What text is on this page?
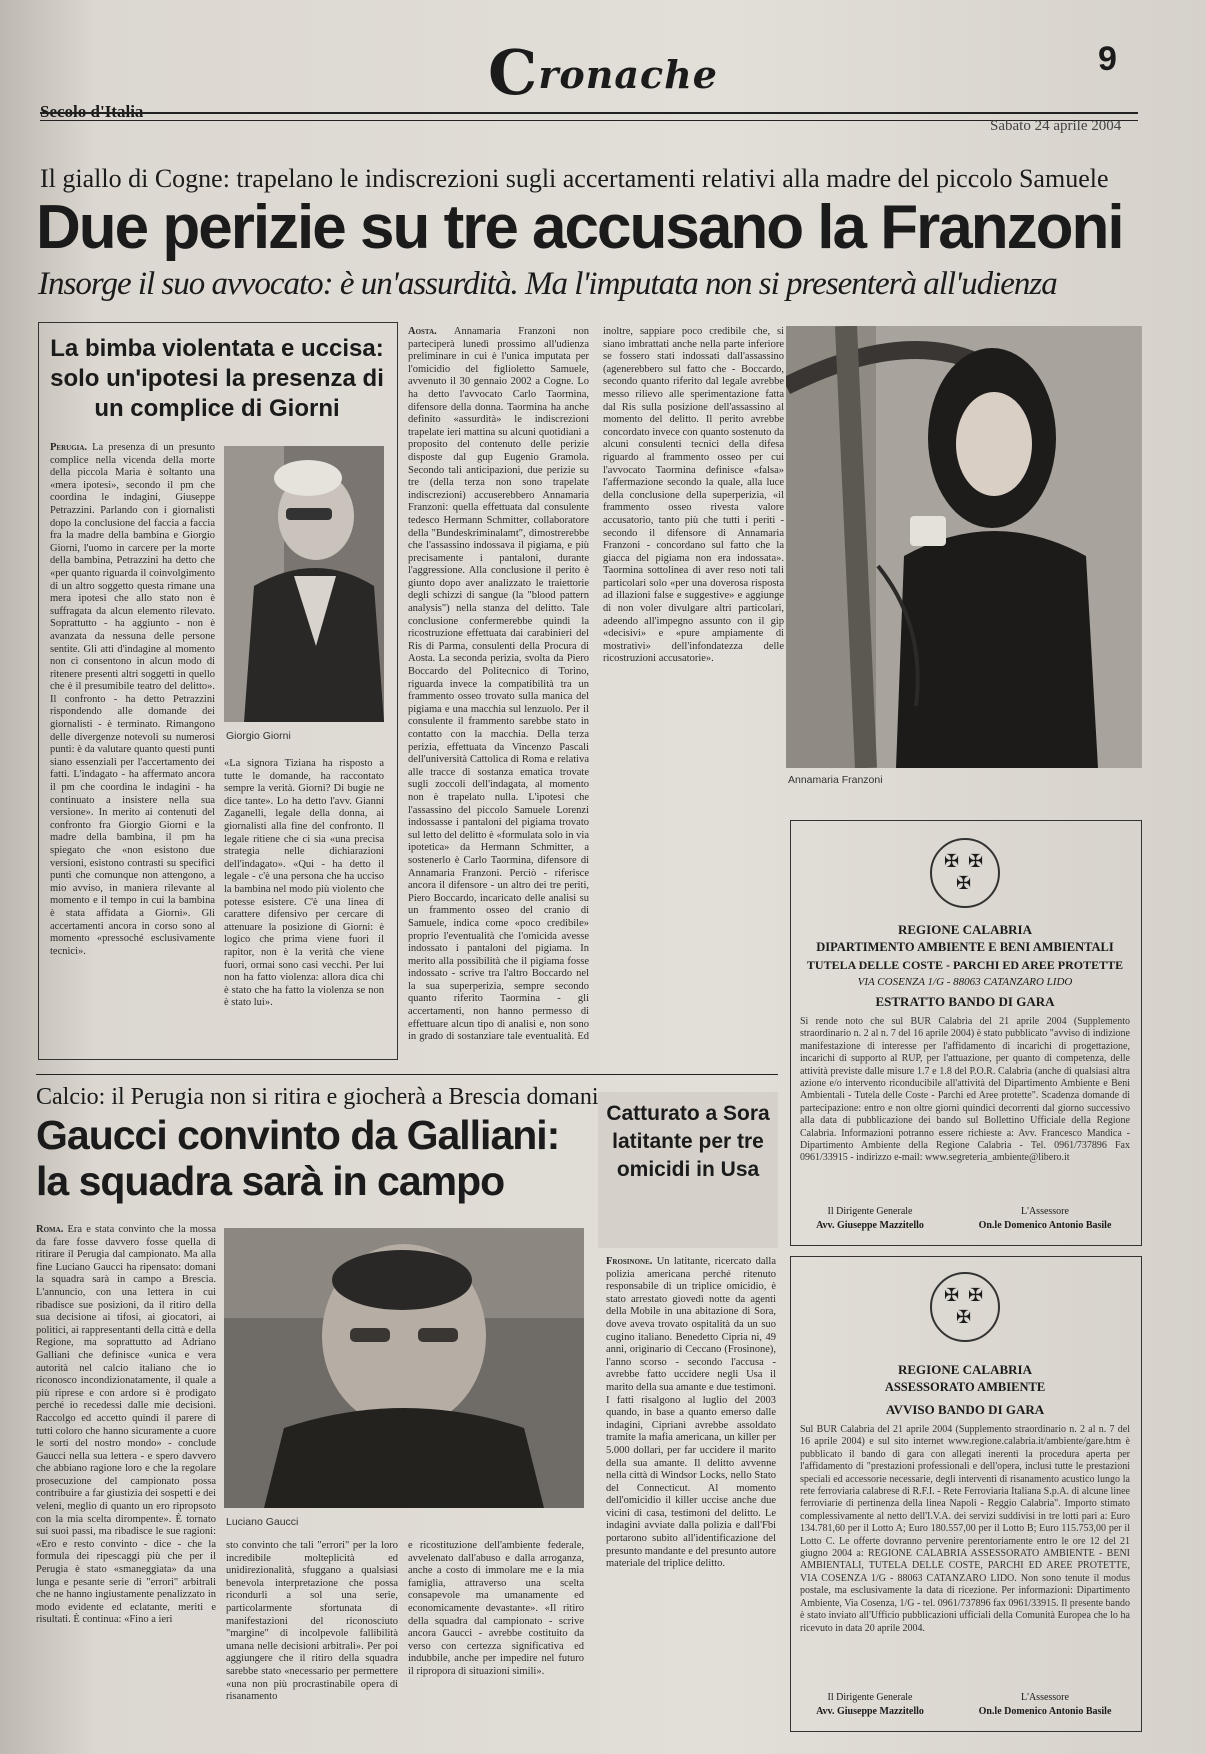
Cronache	9
Sabato 24 aprile 2004
Il giallo di Cogne: trapelano le indiscrezioni sugli accertamenti relativi alla madre del piccolo Samuele
Due perizie su tre accusano la Franzoni
Insorge il suo avvocato: è un'assurdità. Ma l'imputata non si presenterà all'udienza
La bimba violentata e uccisa: solo un'ipotesi la presenza di un complice di Giorni
Perugia. La presenza di un presunto complice nella vicenda della morte della piccola Maria è soltanto una «mera ipotesi», secondo il pm che coordina le indagini, Giuseppe Petrazzini. Parlando con i giornalisti dopo la conclusione del faccia a faccia fra la madre della bambina e Giorgio Giorni, l'uomo in carcere per la morte della bambina, Petrazzini ha detto che «per quanto riguarda il coinvolgimento di un altro soggetto questa rimane una mera ipotesi che allo stato non è suffragata da alcun elemento rilevato. Soprattutto - ha aggiunto - non è avanzata da nessuna delle persone sentite. Gli atti d'indagine al momento non ci consentono in alcun modo di ritenere presenti altri soggetti in quello che è il presumibile teatro del delitto». Il confronto - ha detto Petrazzini rispondendo alle domande dei giornalisti - è terminato. Rimangono delle divergenze notevoli su numerosi punti: è da valutare quanto questi punti siano essenziali per l'accertamento dei fatti. L'indagato - ha affermato ancora il pm che coordina le indagini - ha continuato a insistere nella sua versione». In merito ai contenuti del confronto fra Giorgio Giorni e la madre della bambina, il pm ha spiegato che «non esistono due versioni, esistono contrasti su specifici punti che comunque non attengono, a mio avviso, in maniera rilevante al momento e il tempo in cui la bambina è stata affidata a Giorni». Gli accertamenti ancora in corso sono al momento «pressoché esclusivamente tecnici».
Giorgio Giorni
«La signora Tiziana ha risposto a tutte le domande, ha raccontato sempre la verità. Giorni? Di bugie ne dice tante». Lo ha detto l'avv. Gianni Zaganelli, legale della donna, ai giornalisti alla fine del confronto. Il legale ritiene che ci sia «una precisa strategia nelle dichiarazioni dell'indagato». «Qui - ha detto il legale - c'è una persona che ha ucciso la bambina nel modo più violento che potesse esistere. C'è una linea di carattere difensivo per cercare di attenuare la posizione di Giorni: è logico che prima viene fuori il rapitor, non è la verità che viene fuori, ormai sono casi vecchi. Per lui non ha fatto violenza: allora dica chi è stato che ha fatto la violenza se non è stato lui».
Aosta. Annamaria Franzoni non parteciperà lunedì prossimo all'udienza preliminare in cui è l'unica imputata per l'omicidio del figlioletto Samuele, avvenuto il 30 gennaio 2002 a Cogne. Lo ha detto l'avvocato Carlo Taormina, difensore della donna. Taormina ha anche definito «assurdità» le indiscrezioni trapelate ieri mattina su alcuni quotidiani a proposito del contenuto delle perizie disposte dal gup Eugenio Gramola. Secondo tali anticipazioni, due perizie su tre (della terza non sono trapelate indiscrezioni) accuserebbero Annamaria Franzoni: quella effettuata dal consulente tedesco Hermann Schmitter, collaboratore della "Bundeskriminalamt", dimostrerebbe che l'assassino indossava il pigiama, e più precisamente i pantaloni, durante l'aggressione. Alla conclusione il perito è giunto dopo aver analizzato le traiettorie degli schizzi di sangue (la "blood pattern analysis") nella stanza del delitto. Tale conclusione confermerebbe quindi la ricostruzione effettuata dai carabinieri del Ris di Parma, consulenti della Procura di Aosta. La seconda perizia, svolta da Piero Boccardo del Politecnico di Torino, riguarda invece la compatibilità tra un frammento osseo trovato sulla manica del pigiama e una macchia sul lenzuolo. Per il consulente il frammento sarebbe stato in contatto con la macchia. Della terza perizia, effettuata da Vincenzo Pascali dell'università Cattolica di Roma e relativa alle tracce di sostanza ematica trovate sugli zoccoli dell'indagata, al momento non è trapelato nulla. L'ipotesi che l'assassino del piccolo Samuele Lorenzi indossasse i pantaloni del pigiama trovato sul letto del delitto è «formulata solo in via ipotetica» da Hermann Schmitter, a sostenerlo è Carlo Taormina, difensore di Annamaria Franzoni. Perciò - riferisce ancora il difensore - un altro dei tre periti, Piero Boccardo, incaricato delle analisi su un frammento osseo del cranio di Samuele, indica come «poco credibile» proprio l'eventualità che l'omicida avesse indossato i pantaloni del pigiama. In merito alla possibilità che il pigiama fosse indossato - scrive tra l'altro Boccardo nel la sua superperizia, sempre secondo quanto riferito Taormina - gli accertamenti, non hanno permesso di effettuare alcun tipo di analisi e, non sono in grado di sostanziare tale eventualità. Ed inoltre, sappiare poco credibile che, si siano imbrattati anche nella parte inferiore se fossero stati indossati dall'assassino (agenerebbero sul fatto che - Boccardo, secondo quanto riferito dal legale avrebbe messo rilievo alle sperimentazione fatta dal Ris sulla posizione dell'assassino al momento del delitto. Il perito avrebbe concordato invece con quanto sostenuto da alcuni consulenti tecnici della difesa riguardo al frammento osseo per cui l'avvocato Taormina definisce «falsa» l'affermazione secondo la quale, alla luce della conclusione della superperizia, «il frammento osseo rivesta valore accusatorio, tanto più che tutti i periti - secondo il difensore di Annamaria Franzoni - concordano sul fatto che la giacca del pigiama non era indossata». Taormina sottolinea di aver reso noti tali particolari solo «per una doverosa risposta ad illazioni false e suggestive» e aggiunge di non voler divulgare altri particolari, adeendo all'impegno assunto con il gip «decisivi» e «pure ampiamente di mostrativi» dell'infondatezza delle ricostruzioni accusatorie».
Annamaria Franzoni
✠ ✠
✠
REGIONE CALABRIA
DIPARTIMENTO AMBIENTE E BENI AMBIENTALI
TUTELA DELLE COSTE - PARCHI ED AREE PROTETTE
VIA COSENZA 1/G - 88063 CATANZARO LIDO
ESTRATTO BANDO DI GARA
Si rende noto che sul BUR Calabria del 21 aprile 2004 (Supplemento straordinario n. 2 al n. 7 del 16 aprile 2004) è stato pubblicato "avviso di indizione manifestazione di interesse per l'affidamento di incarichi di progettazione, incarichi di supporto al RUP, per l'attuazione, per quanto di competenza, delle attività previste dalle misure 1.7 e 1.8 del P.O.R. Calabria (anche di qualsiasi altra azione e/o intervento riconducibile all'attività del Dipartimento Ambiente e Beni Ambientali - Tutela delle Coste - Parchi ed Aree protette". Scadenza domande di partecipazione: entro e non oltre giorni quindici decorrenti dal giorno successivo alla data di pubblicazione dei bando sul Bollettino Ufficiale della Regione Calabria. Informazioni potranno essere richieste a: Avv. Francesco Mandica - Dipartimento Ambiente della Regione Calabria - Tel. 0961/737896 Fax 0961/33915 - indirizzo e-mail: www.segreteria_ambiente@libero.it
Il Dirigente Generale
Avv. Giuseppe Mazzitello
L'Assessore
On.le Domenico Antonio Basile
✠ ✠
✠
REGIONE CALABRIA
ASSESSORATO AMBIENTE
AVVISO BANDO DI GARA
Sul BUR Calabria del 21 aprile 2004 (Supplemento straordinario n. 2 al n. 7 del 16 aprile 2004) e sul sito internet www.regione.calabria.it/ambiente/gare.htm è pubblicato il bando di gara con allegati inerenti la procedura aperta per l'affidamento di "prestazioni professionali e dell'opera, inclusi tutte le prestazioni speciali ed accessorie necessarie, degli interventi di risanamento acustico lungo la rete ferroviaria calabrese di R.F.I. - Rete Ferroviaria Italiana S.p.A. di alcune linee ferroviarie di pertinenza della linea Napoli - Reggio Calabria". Importo stimato complessivamente al netto dell'I.V.A. dei servizi suddivisi in tre lotti pari a: Euro 134.781,60 per il Lotto A; Euro 180.557,00 per il Lotto B; Euro 115.753,00 per il Lotto C. Le offerte dovranno pervenire perentoriamente entro le ore 12 del 21 giugno 2004 a: REGIONE CALABRIA ASSESSORATO AMBIENTE - BENI AMBIENTALI, TUTELA DELLE COSTE, PARCHI ED AREE PROTETTE, VIA COSENZA 1/G - 88063 CATANZARO LIDO. Non sono tenute il modus postale, ma esclusivamente la data di ricezione. Per informazioni: Dipartimento Ambiente, Via Cosenza, 1/G - tel. 0961/737896 fax 0961/33915. Il presente bando è stato inviato all'Ufficio pubblicazioni ufficiali della Comunità Europea che lo ha ricevuto in data 20 aprile 2004.
Il Dirigente Generale
Avv. Giuseppe Mazzitello
L'Assessore
On.le Domenico Antonio Basile
Calcio: il Perugia non si ritira e giocherà a Brescia domani
Gaucci convinto da Galliani:
la squadra sarà in campo
Roma. Era e stata convinto che la mossa da fare fosse davvero fosse quella di ritirare il Perugia dal campionato. Ma alla fine Luciano Gaucci ha ripensato: domani la squadra sarà in campo a Brescia. L'annuncio, con una lettera in cui ribadisce sue posizioni, da il ritiro della sua decisione ai tifosi, ai giocatori, ai politici, ai rappresentanti della città e della Regione, ma soprattutto ad Adriano Galliani che definisce «unica e vera autorità nel calcio italiano che io riconosco incondizionatamente, il quale a più riprese e con ardore si è prodigato perché io recedessi dalle mie decisioni. Raccolgo ed accetto quindi il parere di tutti coloro che hanno sicuramente a cuore le sorti del nostro mondo» - conclude Gaucci nella sua lettera - e spero davvero che abbiano ragione loro e che la regolare prosecuzione del campionato possa contribuire a far giustizia dei sospetti e dei veleni, meglio di quanto un ero ripropsoto con la mia scelta dirompente». È tornato sui suoi passi, ma ribadisce le sue ragioni: «Ero e resto convinto - dice - che la formula dei ripescaggi più che per il Perugia è stato «smaneggiata» da una lunga e pesante serie di "errori" arbitrali che ne hanno ingiustamente penalizzato in modo evidente ed eclatante, meriti e risultati. È continua: «Fino a ieri
Luciano Gaucci
sto convinto che tali "errori" per la loro incredibile molteplicità ed unidirezionalità, sfuggano a qualsiasi benevola interpretazione che possa ricondurli a sol una serie, particolarmente sfortunata di manifestazioni del riconosciuto "margine" di incolpevole fallibilità umana nelle decisioni arbitrali». Per poi aggiungere che il ritiro della squadra sarebbe stato «necessario per permettere «una non più procrastinabile opera di risanamento
e ricostituzione dell'ambiente federale, avvelenato dall'abuso e dalla arroganza, anche a costo di immolare me e la mia famiglia, attraverso una scelta consapevole ma umanamente ed economicamente devastante». «Il ritiro della squadra dal campionato - scrive ancora Gaucci - avrebbe costituito da verso con certezza significativa ed indubbile, anche per impedire nel futuro il ripropora di situazioni simili».
Catturato a Sora latitante per tre omicidi in Usa
Frosinone. Un latitante, ricercato dalla polizia americana perché ritenuto responsabile di un triplice omicidio, è stato arrestato giovedì notte da agenti della Mobile in una abitazione di Sora, dove aveva trovato ospitalità da un suo cugino italiano. Benedetto Cipria ni, 49 anni, originario di Ceccano (Frosinone), l'anno scorso - secondo l'accusa - avrebbe fatto uccidere negli Usa il marito della sua amante e due testimoni. I fatti risalgono al luglio del 2003 quando, in base a quanto emerso dalle indagini, Ciprianì avrebbe assoldato tramite la mafia americana, un killer per 5.000 dollari, per far uccidere il marito della sua amante. Il delitto avvenne nella città di Windsor Locks, nello Stato del Connecticut. Al momento dell'omicidio il killer uccise anche due vicini di casa, testimoni del delitto. Le indagini avviate dalla polizia e dall'Fbi portarono subito all'identificazione del presunto mandante e del presunto autore materiale del triplice delitto.
